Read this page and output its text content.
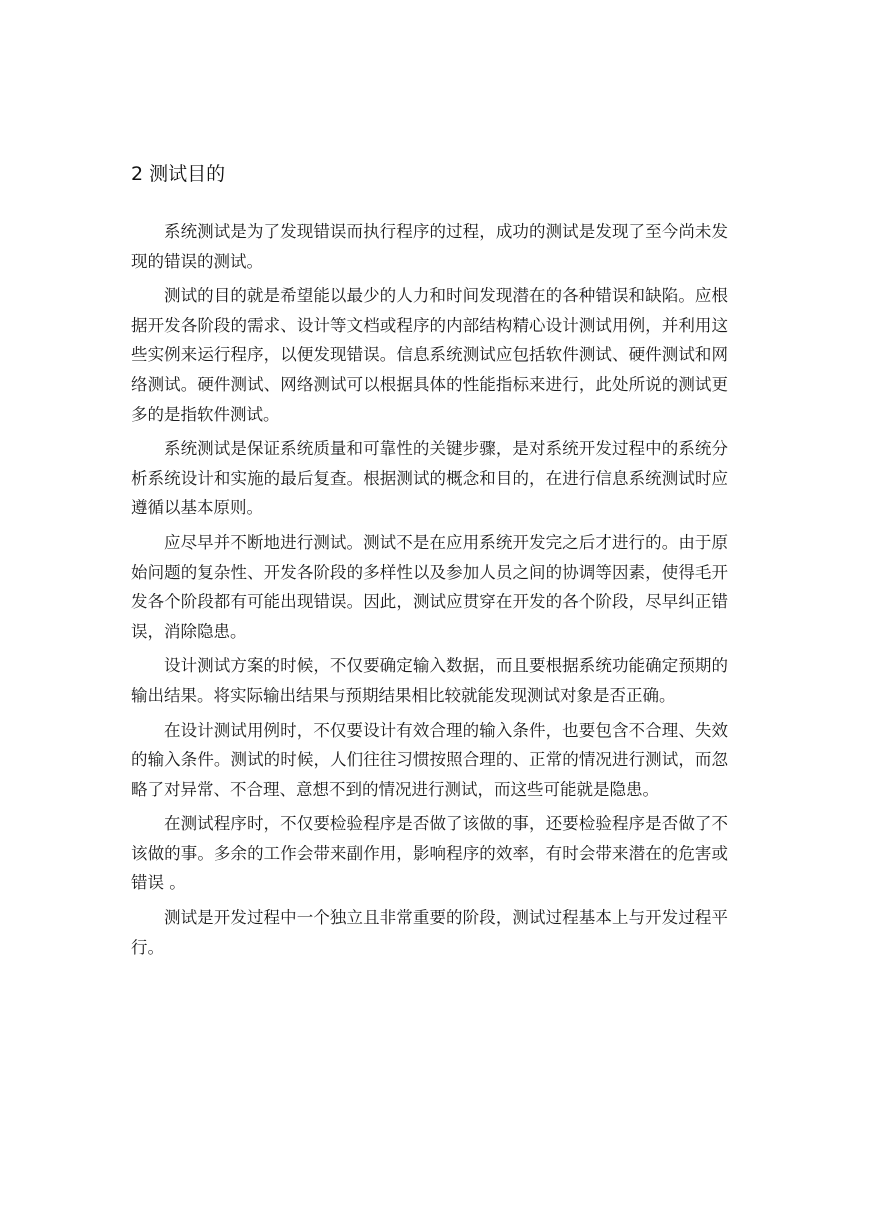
2 测试目的

系统测试是为了发现错误而执行程序的过程，成功的测试是发现了至今尚未发现的错误的测试。

测试的目的就是希望能以最少的人力和时间发现潜在的各种错误和缺陷。应根据开发各阶段的需求、设计等文档或程序的内部结构精心设计测试用例，并利用这些实例来运行程序，以便发现错误。信息系统测试应包括软件测试、硬件测试和网络测试。硬件测试、网络测试可以根据具体的性能指标来进行，此处所说的测试更多的是指软件测试。

系统测试是保证系统质量和可靠性的关键步骤，是对系统开发过程中的系统分析系统设计和实施的最后复查。根据测试的概念和目的，在进行信息系统测试时应遵循以基本原则。

应尽早并不断地进行测试。测试不是在应用系统开发完之后才进行的。由于原始问题的复杂性、开发各阶段的多样性以及参加人员之间的协调等因素，使得毛开发各个阶段都有可能出现错误。因此，测试应贯穿在开发的各个阶段，尽早纠正错误，消除隐患。

设计测试方案的时候，不仅要确定输入数据，而且要根据系统功能确定预期的输出结果。将实际输出结果与预期结果相比较就能发现测试对象是否正确。

在设计测试用例时，不仅要设计有效合理的输入条件，也要包含不合理、失效的输入条件。测试的时候，人们往往习惯按照合理的、正常的情况进行测试，而忽略了对异常、不合理、意想不到的情况进行测试，而这些可能就是隐患。

在测试程序时，不仅要检验程序是否做了该做的事，还要检验程序是否做了不该做的事。多余的工作会带来副作用，影响程序的效率，有时会带来潜在的危害或错误 。

测试是开发过程中一个独立且非常重要的阶段，测试过程基本上与开发过程平行。
